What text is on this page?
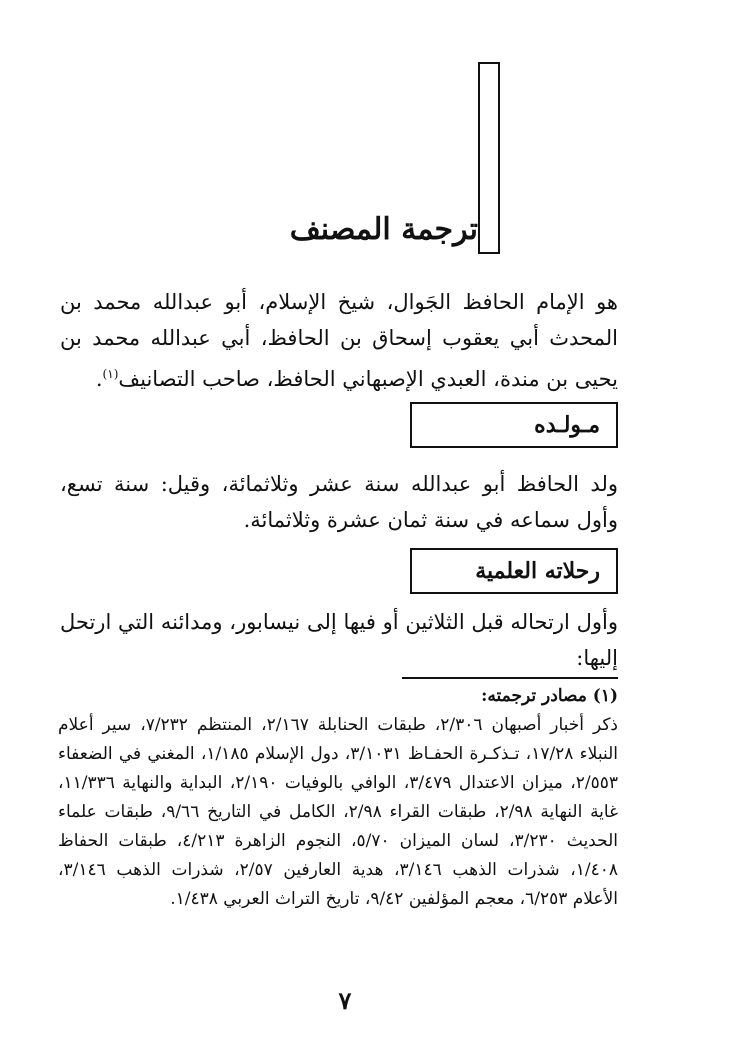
ترجمة المصنف

هو الإمام الحافظ الجَوال، شيخ الإسلام، أبو عبدالله محمد بن المحدث أبي يعقوب إسحاق بن الحافظ، أبي عبدالله محمد بن يحيى بن مندة، العبدي الإصبهاني الحافظ، صاحب التصانيف$^{(١)}$.

مـولـده

ولد الحافظ أبو عبدالله سنة عشر وثلاثمائة، وقيل: سنة تسع، وأول سماعه في سنة ثمان عشرة وثلاثمائة.

رحلاته العلمية

وأول ارتحاله قبل الثلاثين أو فيها إلى نيسابور، ومدائنه التي ارتحل إليها:

(١) مصادر ترجمته:
ذكر أخبار أصبهان ٢/٣٠٦، طبقات الحنابلة ٢/١٦٧، المنتظم ٧/٢٣٢، سير أعلام النبلاء ١٧/٢٨، تـذكـرة الحفـاظ ٣/١٠٣١، دول الإسلام ١/١٨٥، المغني في الضعفاء ٢/٥٥٣، ميزان الاعتدال ٣/٤٧٩، الوافي بالوفيات ٢/١٩٠، البداية والنهاية ١١/٣٣٦، غاية النهاية ٢/٩٨، طبقات القراء ٢/٩٨، الكامل في التاريخ ٩/٦٦، طبقات علماء الحديث ٣/٢٣٠، لسان الميزان ٥/٧٠، النجوم الزاهرة ٤/٢١٣، طبقات الحفاظ ١/٤٠٨، شذرات الذهب ٣/١٤٦، هدية العارفين ٢/٥٧، شذرات الذهب ٣/١٤٦، الأعلام ٦/٢٥٣، معجم المؤلفين ٩/٤٢، تاريخ التراث العربي ١/٤٣٨.
٧
